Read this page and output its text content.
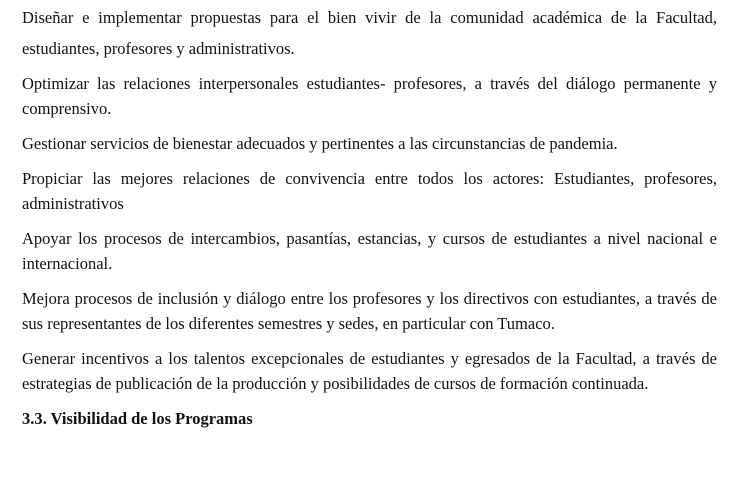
Diseñar e implementar propuestas para el bien vivir de la comunidad académica de la Facultad, estudiantes, profesores y administrativos.

Optimizar las relaciones interpersonales estudiantes- profesores, a través del diálogo permanente y comprensivo.

Gestionar servicios de bienestar adecuados y pertinentes a las circunstancias de pandemia.

Propiciar las mejores relaciones de convivencia entre todos los actores: Estudiantes, profesores, administrativos

Apoyar los procesos de intercambios, pasantías, estancias, y cursos de estudiantes a nivel nacional e internacional.

Mejora procesos de inclusión y diálogo entre los profesores y los directivos con estudiantes, a través de sus representantes de los diferentes semestres y sedes, en particular con Tumaco.

Generar incentivos a los talentos excepcionales de estudiantes y egresados de la Facultad, a través de estrategias de publicación de la producción y posibilidades de cursos de formación continuada.

3.3. Visibilidad de los Programas
